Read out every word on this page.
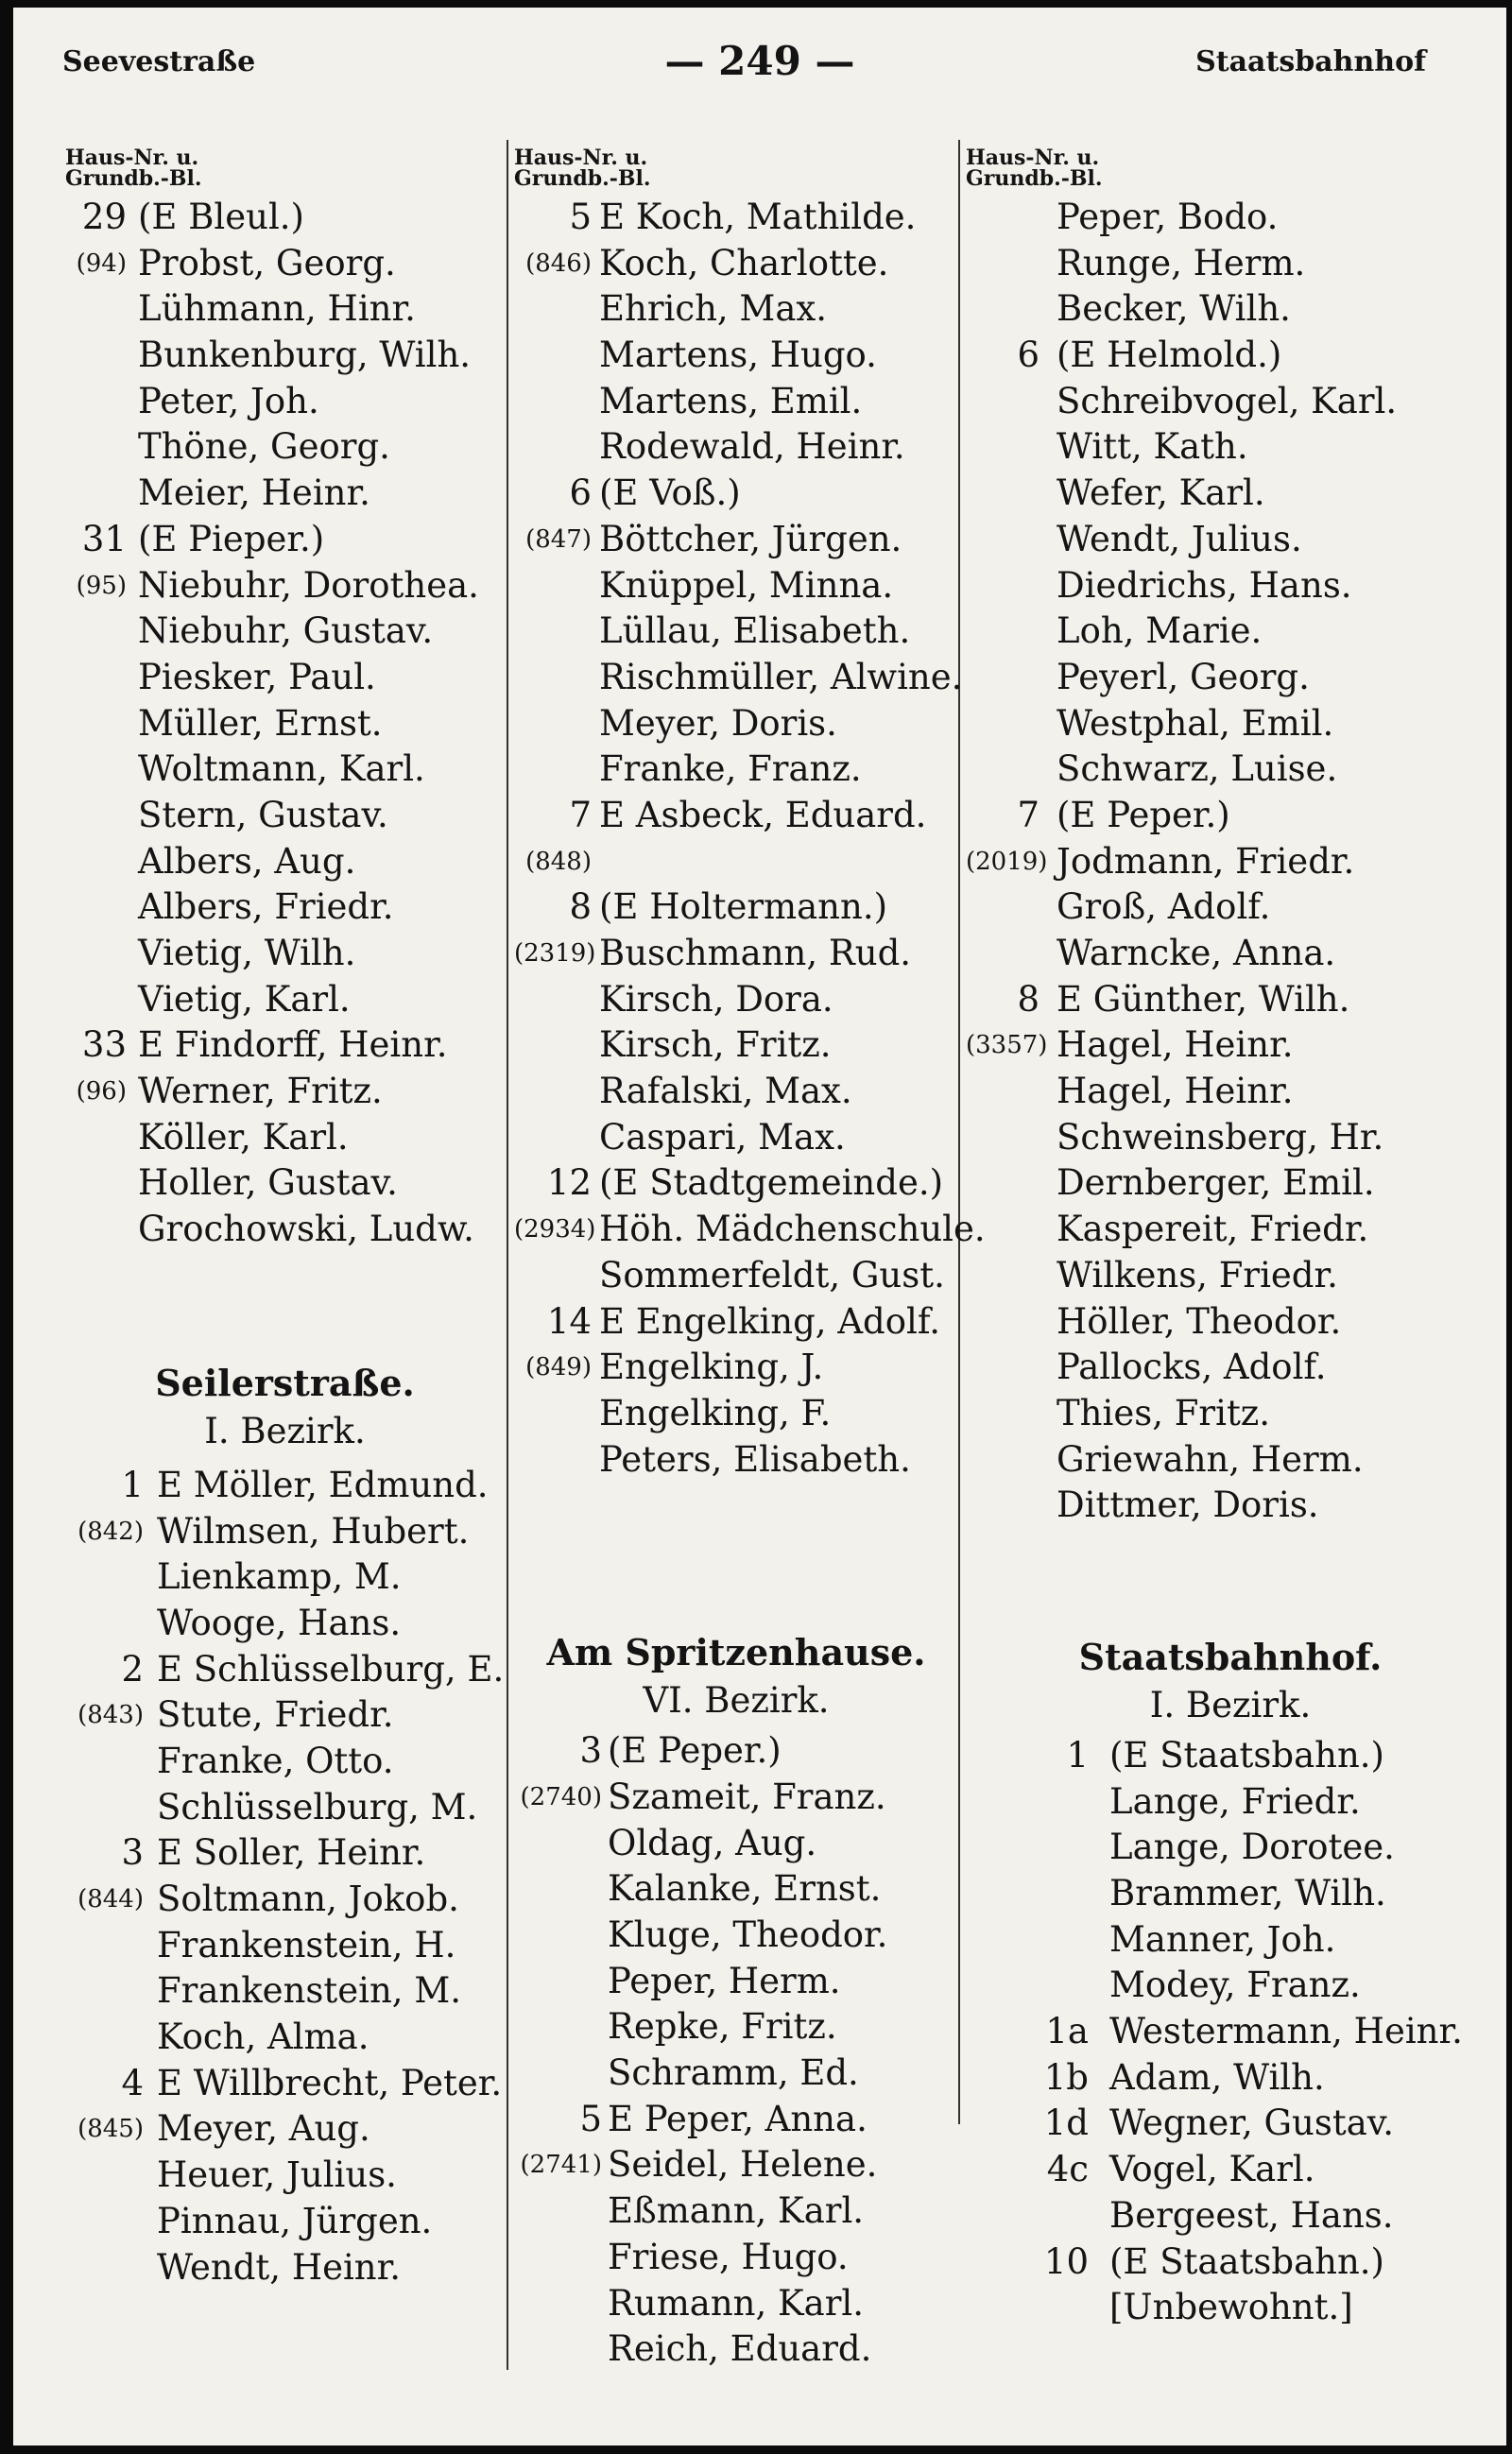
Seevestraße	— 249 —	Staatsbahnhof
Haus-Nr. u.
Grundb.-Bl.
29 (E Bleul.)
(94) Probst, Georg.
Lühmann, Hinr.
Bunkenburg, Wilh.
Peter, Joh.
Thöne, Georg.
Meier, Heinr.
31 (E Pieper.)
(95) Niebuhr, Dorothea.
Niebuhr, Gustav.
Piesker, Paul.
Müller, Ernst.
Woltmann, Karl.
Stern, Gustav.
Albers, Aug.
Albers, Friedr.
Vietig, Wilh.
Vietig, Karl.
33 E Findorff, Heinr.
(96) Werner, Fritz.
Köller, Karl.
Holler, Gustav.
Grochowski, Ludw.
Seilerstraße.
I. Bezirk.
1 E Möller, Edmund.
(842) Wilmsen, Hubert.
Lienkamp, M.
Wooge, Hans.
2 E Schlüsselburg, E.
(843) Stute, Friedr.
Franke, Otto.
Schlüsselburg, M.
3 E Soller, Heinr.
(844) Soltmann, Jokob.
Frankenstein, H.
Frankenstein, M.
Koch, Alma.
4 E Willbrecht, Peter.
(845) Meyer, Aug.
Heuer, Julius.
Pinnau, Jürgen.
Wendt, Heinr.
Haus-Nr. u.
Grundb.-Bl.
5 E Koch, Mathilde.
(846) Koch, Charlotte.
Ehrich, Max.
Martens, Hugo.
Martens, Emil.
Rodewald, Heinr.
6 (E Voß.)
(847) Böttcher, Jürgen.
Knüppel, Minna.
Lüllau, Elisabeth.
Rischmüller, Alwine.
Meyer, Doris.
Franke, Franz.
7 E Asbeck, Eduard.
(848)
8 (E Holtermann.)
(2319) Buschmann, Rud.
Kirsch, Dora.
Kirsch, Fritz.
Rafalski, Max.
Caspari, Max.
12 (E Stadtgemeinde.)
(2934) Höh. Mädchenschule.
Sommerfeldt, Gust.
14 E Engelking, Adolf.
(849) Engelking, J.
Engelking, F.
Peters, Elisabeth.
Am Spritzenhause.
VI. Bezirk.
3 (E Peper.)
(2740) Szameit, Franz.
Oldag, Aug.
Kalanke, Ernst.
Kluge, Theodor.
Peper, Herm.
Repke, Fritz.
Schramm, Ed.
5 E Peper, Anna.
(2741) Seidel, Helene.
Eßmann, Karl.
Friese, Hugo.
Rumann, Karl.
Reich, Eduard.
Haus-Nr. u.
Grundb.-Bl.
Peper, Bodo.
Runge, Herm.
Becker, Wilh.
6 (E Helmold.)
Schreibvogel, Karl.
Witt, Kath.
Wefer, Karl.
Wendt, Julius.
Diedrichs, Hans.
Loh, Marie.
Peyerl, Georg.
Westphal, Emil.
Schwarz, Luise.
7 (E Peper.)
(2019) Jodmann, Friedr.
Groß, Adolf.
Warncke, Anna.
8 E Günther, Wilh.
(3357) Hagel, Heinr.
Hagel, Heinr.
Schweinsberg, Hr.
Dernberger, Emil.
Kaspereit, Friedr.
Wilkens, Friedr.
Höller, Theodor.
Pallocks, Adolf.
Thies, Fritz.
Griewahn, Herm.
Dittmer, Doris.
Staatsbahnhof.
I. Bezirk.
1 (E Staatsbahn.)
Lange, Friedr.
Lange, Dorotee.
Brammer, Wilh.
Manner, Joh.
Modey, Franz.
1a Westermann, Heinr.
1b Adam, Wilh.
1d Wegner, Gustav.
4c Vogel, Karl.
Bergeest, Hans.
10 (E Staatsbahn.)
[Unbewohnt.]
